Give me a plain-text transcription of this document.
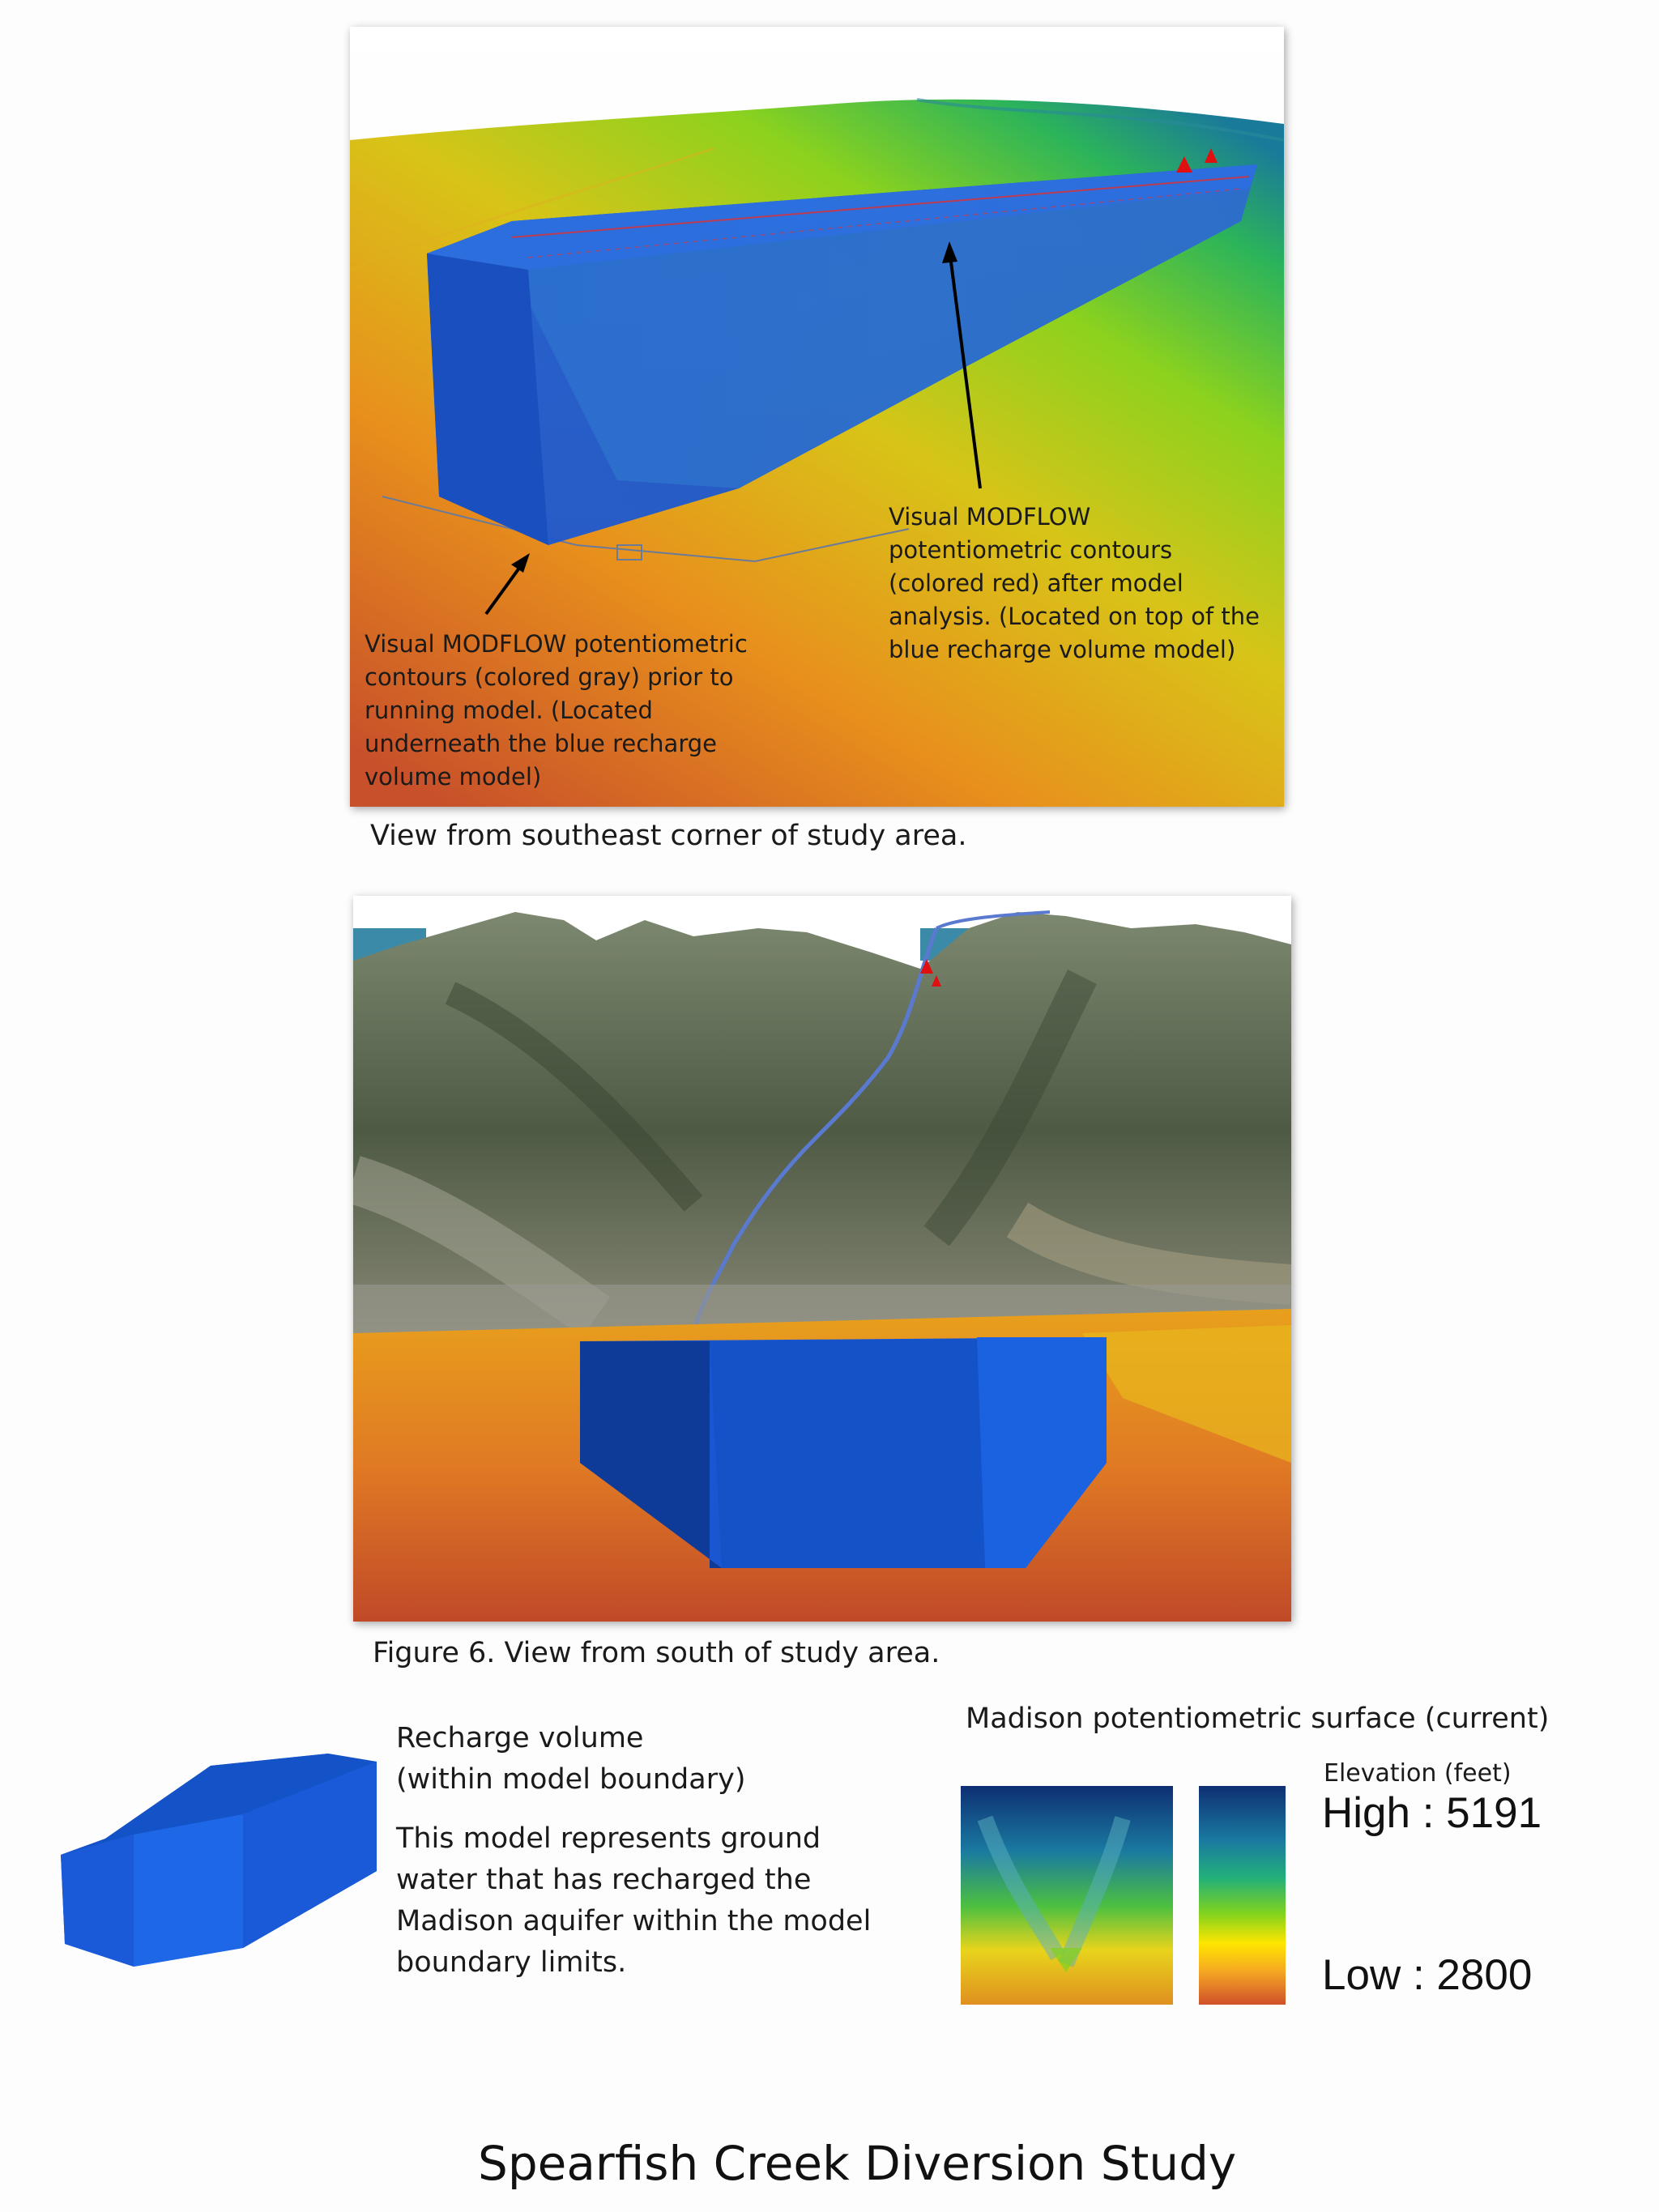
Visual MODFLOW potentiometric contours (colored red) after model analysis. (Located on top of the blue recharge volume model)
Visual MODFLOW potentiometric contours (colored gray) prior to running model. (Located underneath the blue recharge volume model)
View from southeast corner of study area.
Figure 6. View from south of study area.
Recharge volume
(within model boundary)
This model represents ground water that has recharged the Madison aquifer within the model boundary limits.
Madison potentiometric surface (current)
Elevation (feet)
High : 5191
Low : 2800
Spearfish Creek Diversion Study
